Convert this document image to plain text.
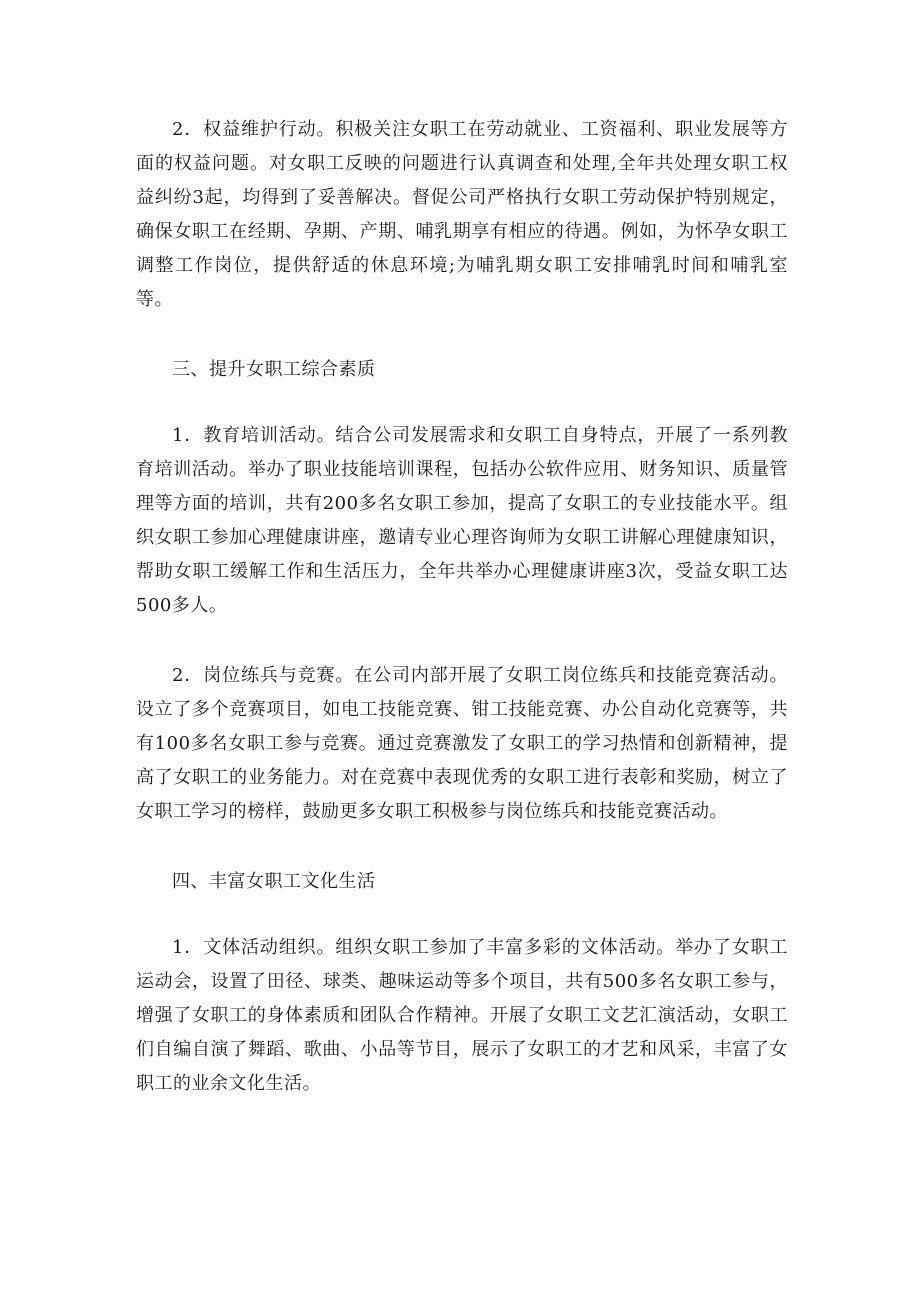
2．权益维护行动。积极关注女职工在劳动就业、工资福利、职业发展等方面的权益问题。对女职工反映的问题进行认真调查和处理,全年共处理女职工权益纠纷3起，均得到了妥善解决。督促公司严格执行女职工劳动保护特别规定，确保女职工在经期、孕期、产期、哺乳期享有相应的待遇。例如，为怀孕女职工调整工作岗位，提供舒适的休息环境;为哺乳期女职工安排哺乳时间和哺乳室等。

三、提升女职工综合素质

1．教育培训活动。结合公司发展需求和女职工自身特点，开展了一系列教育培训活动。举办了职业技能培训课程，包括办公软件应用、财务知识、质量管理等方面的培训，共有200多名女职工参加，提高了女职工的专业技能水平。组织女职工参加心理健康讲座，邀请专业心理咨询师为女职工讲解心理健康知识，帮助女职工缓解工作和生活压力，全年共举办心理健康讲座3次，受益女职工达500多人。

2．岗位练兵与竞赛。在公司内部开展了女职工岗位练兵和技能竞赛活动。设立了多个竞赛项目，如电工技能竞赛、钳工技能竞赛、办公自动化竞赛等，共有100多名女职工参与竞赛。通过竞赛激发了女职工的学习热情和创新精神，提高了女职工的业务能力。对在竞赛中表现优秀的女职工进行表彰和奖励，树立了女职工学习的榜样，鼓励更多女职工积极参与岗位练兵和技能竞赛活动。

四、丰富女职工文化生活

1．文体活动组织。组织女职工参加了丰富多彩的文体活动。举办了女职工运动会，设置了田径、球类、趣味运动等多个项目，共有500多名女职工参与，增强了女职工的身体素质和团队合作精神。开展了女职工文艺汇演活动，女职工们自编自演了舞蹈、歌曲、小品等节目，展示了女职工的才艺和风采，丰富了女职工的业余文化生活。
